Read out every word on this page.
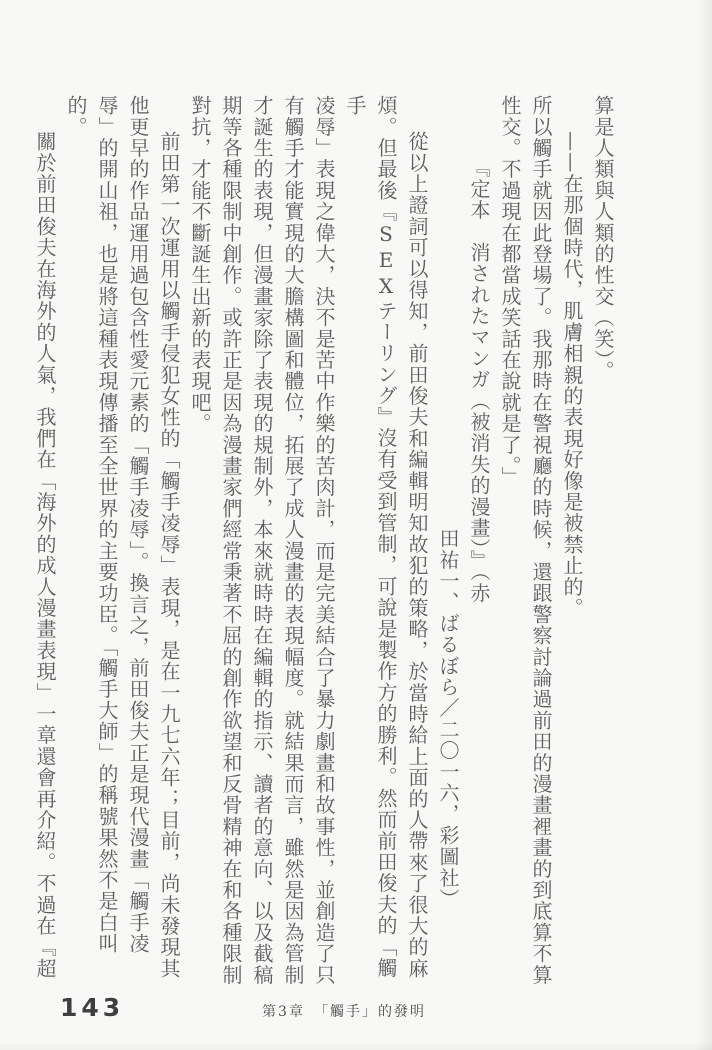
算是人類與人類的性交（笑）。
——在那個時代，肌膚相親的表現好像是被禁止的。
所以觸手就因此登場了。我那時在警視廳的時候，還跟警察討論過前田的漫畫裡畫的到底算不算
性交。不過現在都當成笑話在說就是了。」
『定本　消されたマンガ（被消失的漫畫）』（赤
田祐一、ばるぼら／二〇一六，彩圖社）
從以上證詞可以得知，前田俊夫和編輯明知故犯的策略，於當時給上面的人帶來了很大的麻
煩。但最後『SEXテーリング』沒有受到管制，可說是製作方的勝利。然而前田俊夫的「觸手
凌辱」表現之偉大，決不是苦中作樂的苦肉計，而是完美結合了暴力劇畫和故事性，並創造了只
有觸手才能實現的大膽構圖和體位，拓展了成人漫畫的表現幅度。就結果而言，雖然是因為管制
才誕生的表現，但漫畫家除了表現的規制外，本來就時時在編輯的指示、讀者的意向、以及截稿
期等各種限制中創作。或許正是因為漫畫家們經常秉著不屈的創作欲望和反骨精神在和各種限制
對抗，才能不斷誕生出新的表現吧。
前田第一次運用以觸手侵犯女性的「觸手凌辱」表現，是在一九七六年；目前，尚未發現其
他更早的作品運用過包含性愛元素的「觸手凌辱」。換言之，前田俊夫正是現代漫畫「觸手凌
辱」的開山祖，也是將這種表現傳播至全世界的主要功臣。「觸手大師」的稱號果然不是白叫
的。
關於前田俊夫在海外的人氣，我們在「海外的成人漫畫表現」一章還會再介紹。不過在『超
143	第3章　「觸手」的發明
